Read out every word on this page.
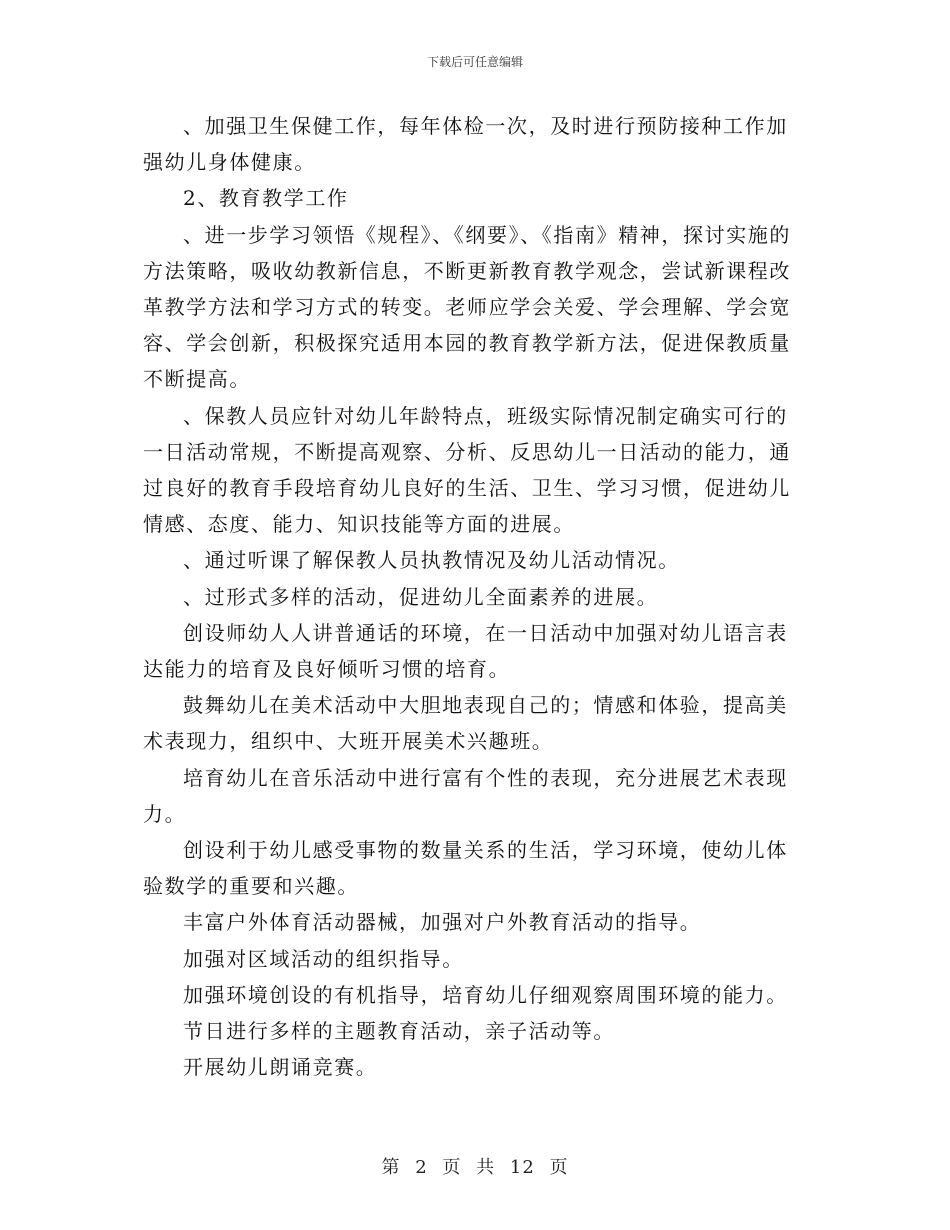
下载后可任意编辑

、加强卫生保健工作，每年体检一次，及时进行预防接种工作加强幼儿身体健康。

2、教育教学工作

、进一步学习领悟《规程》、《纲要》、《指南》精神，探讨实施的方法策略，吸收幼教新信息，不断更新教育教学观念，尝试新课程改革教学方法和学习方式的转变。老师应学会关爱、学会理解、学会宽容、学会创新，积极探究适用本园的教育教学新方法，促进保教质量不断提高。

、保教人员应针对幼儿年龄特点，班级实际情况制定确实可行的一日活动常规，不断提高观察、分析、反思幼儿一日活动的能力，通过良好的教育手段培育幼儿良好的生活、卫生、学习习惯，促进幼儿情感、态度、能力、知识技能等方面的进展。

、通过听课了解保教人员执教情况及幼儿活动情况。

、过形式多样的活动，促进幼儿全面素养的进展。

创设师幼人人讲普通话的环境，在一日活动中加强对幼儿语言表达能力的培育及良好倾听习惯的培育。

鼓舞幼儿在美术活动中大胆地表现自己的；情感和体验，提高美术表现力，组织中、大班开展美术兴趣班。

培育幼儿在音乐活动中进行富有个性的表现，充分进展艺术表现力。

创设利于幼儿感受事物的数量关系的生活，学习环境，使幼儿体验数学的重要和兴趣。

丰富户外体育活动器械，加强对户外教育活动的指导。

加强对区域活动的组织指导。

加强环境创设的有机指导，培育幼儿仔细观察周围环境的能力。

节日进行多样的主题教育活动，亲子活动等。

开展幼儿朗诵竞赛。

第 2 页 共 12 页
